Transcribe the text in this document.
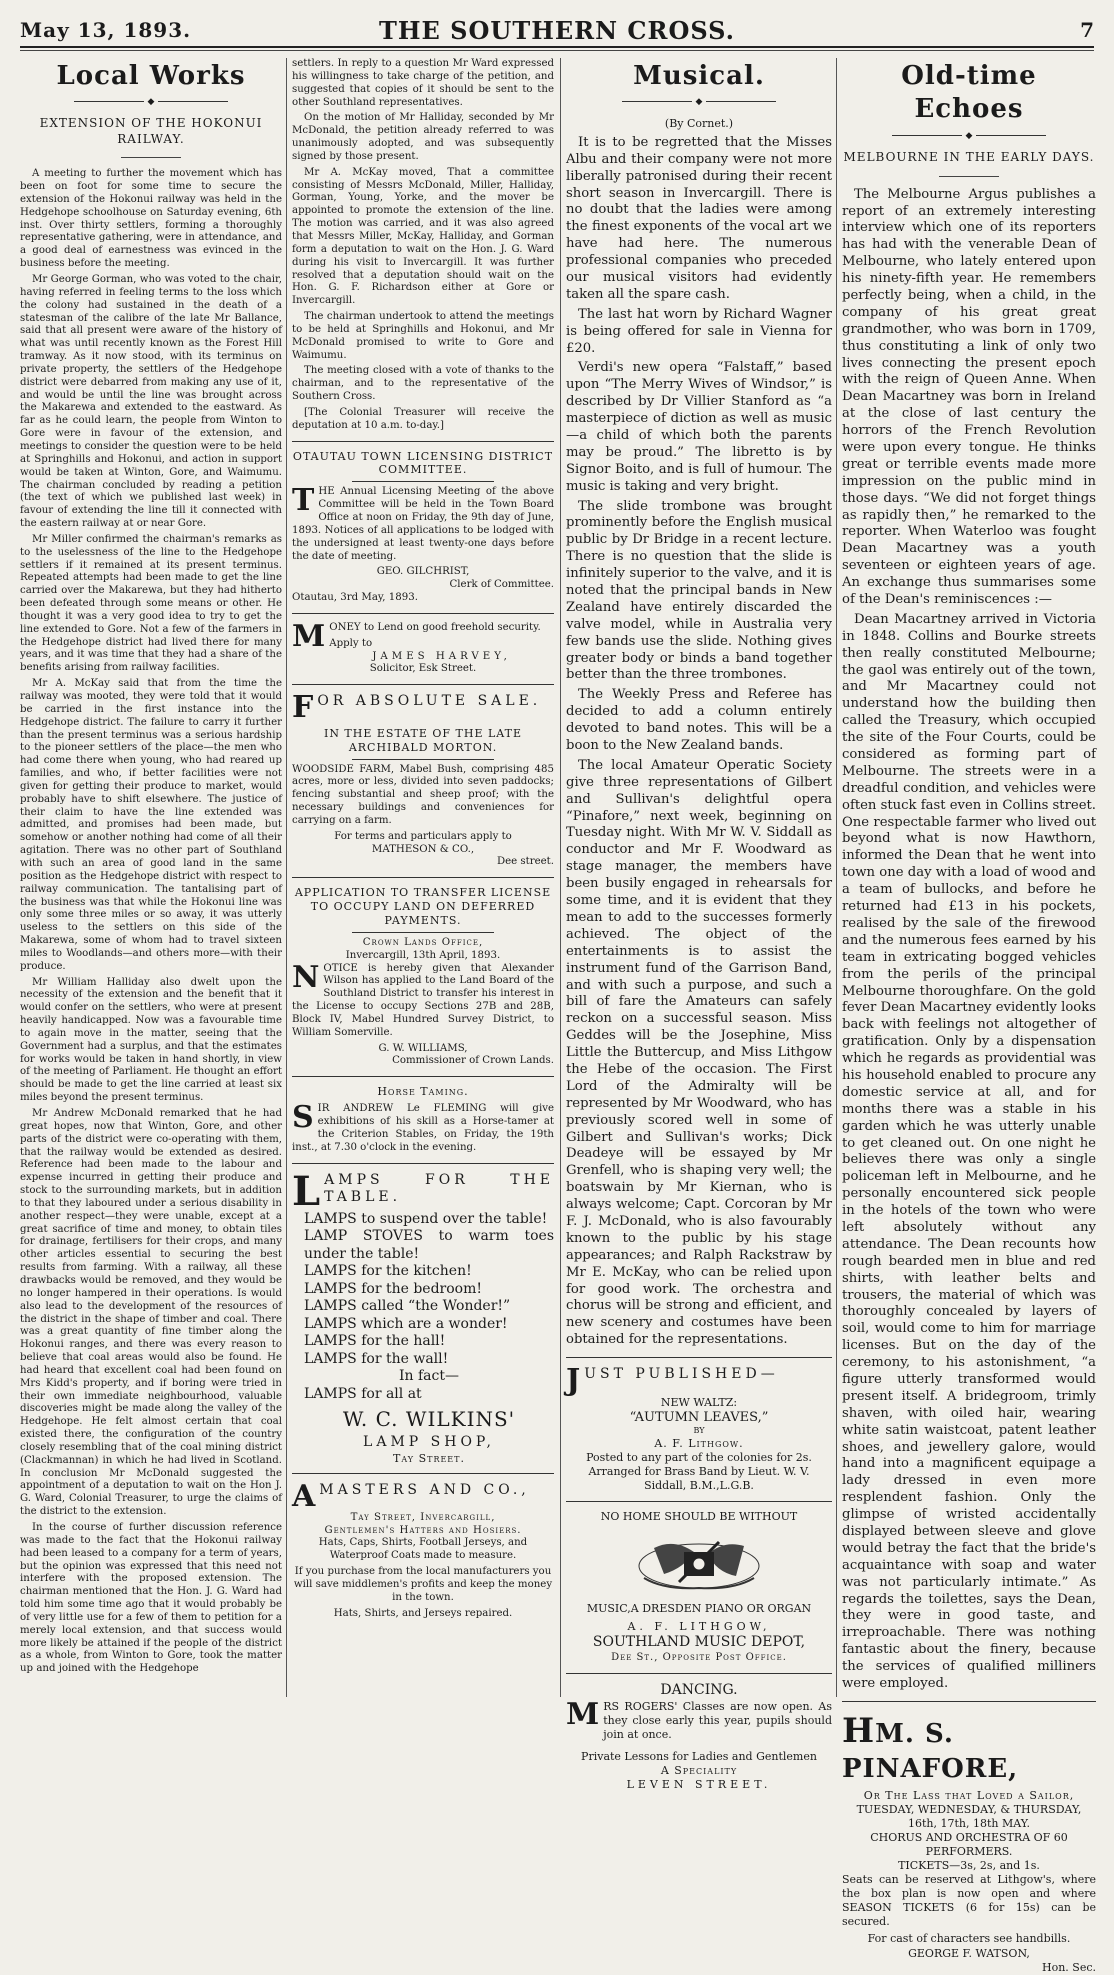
May 13, 1893.	THE SOUTHERN CROSS.	7
Local Works
◆
EXTENSION OF THE HOKONUI RAILWAY.

A meeting to further the movement which has been on foot for some time to secure the extension of the Hokonui railway was held in the Hedgehope schoolhouse on Saturday evening, 6th inst. Over thirty settlers, forming a thoroughly representative gathering, were in attendance, and a good deal of earnestness was evinced in the business before the meeting.

Mr George Gorman, who was voted to the chair, having referred in feeling terms to the loss which the colony had sustained in the death of a statesman of the calibre of the late Mr Ballance, said that all present were aware of the history of what was until recently known as the Forest Hill tramway. As it now stood, with its terminus on private property, the settlers of the Hedgehope district were debarred from making any use of it, and would be until the line was brought across the Makarewa and extended to the eastward. As far as he could learn, the people from Winton to Gore were in favour of the extension, and meetings to consider the question were to be held at Springhills and Hokonui, and action in support would be taken at Winton, Gore, and Waimumu. The chairman concluded by reading a petition (the text of which we published last week) in favour of extending the line till it connected with the eastern railway at or near Gore.

Mr Miller confirmed the chairman's remarks as to the uselessness of the line to the Hedgehope settlers if it remained at its present terminus. Repeated attempts had been made to get the line carried over the Makarewa, but they had hitherto been defeated through some means or other. He thought it was a very good idea to try to get the line extended to Gore. Not a few of the farmers in the Hedgehope district had lived there for many years, and it was time that they had a share of the benefits arising from railway facilities.

Mr A. McKay said that from the time the railway was mooted, they were told that it would be carried in the first instance into the Hedgehope district. The failure to carry it further than the present terminus was a serious hardship to the pioneer settlers of the place—the men who had come there when young, who had reared up families, and who, if better facilities were not given for getting their produce to market, would probably have to shift elsewhere. The justice of their claim to have the line extended was admitted, and promises had been made, but somehow or another nothing had come of all their agitation. There was no other part of Southland with such an area of good land in the same position as the Hedgehope district with respect to railway communication. The tantalising part of the business was that while the Hokonui line was only some three miles or so away, it was utterly useless to the settlers on this side of the Makarewa, some of whom had to travel sixteen miles to Woodlands—and others more—with their produce.

Mr William Halliday also dwelt upon the necessity of the extension and the benefit that it would confer on the settlers, who were at present heavily handicapped. Now was a favourable time to again move in the matter, seeing that the Government had a surplus, and that the estimates for works would be taken in hand shortly, in view of the meeting of Parliament. He thought an effort should be made to get the line carried at least six miles beyond the present terminus.

Mr Andrew McDonald remarked that he had great hopes, now that Winton, Gore, and other parts of the district were co-operating with them, that the railway would be extended as desired. Reference had been made to the labour and expense incurred in getting their produce and stock to the surrounding markets, but in addition to that they laboured under a serious disability in another respect—they were unable, except at a great sacrifice of time and money, to obtain tiles for drainage, fertilisers for their crops, and many other articles essential to securing the best results from farming. With a railway, all these drawbacks would be removed, and they would be no longer hampered in their operations. Is would also lead to the development of the resources of the district in the shape of timber and coal. There was a great quantity of fine timber along the Hokonui ranges, and there was every reason to believe that coal areas would also be found. He had heard that excellent coal had been found on Mrs Kidd's property, and if boring were tried in their own immediate neighbourhood, valuable discoveries might be made along the valley of the Hedgehope. He felt almost certain that coal existed there, the configuration of the country closely resembling that of the coal mining district (Clackmannan) in which he had lived in Scotland. In conclusion Mr McDonald suggested the appointment of a deputation to wait on the Hon J. G. Ward, Colonial Treasurer, to urge the claims of the district to the extension.

In the course of further discussion reference was made to the fact that the Hokonui railway had been leased to a company for a term of years, but the opinion was expressed that this need not interfere with the proposed extension. The chairman mentioned that the Hon. J. G. Ward had told him some time ago that it would probably be of very little use for a few of them to petition for a merely local extension, and that success would more likely be attained if the people of the district as a whole, from Winton to Gore, took the matter up and joined with the Hedgehope

settlers. In reply to a question Mr Ward expressed his willingness to take charge of the petition, and suggested that copies of it should be sent to the other Southland representatives.

On the motion of Mr Halliday, seconded by Mr McDonald, the petition already referred to was unanimously adopted, and was subsequently signed by those present.

Mr A. McKay moved, That a committee consisting of Messrs McDonald, Miller, Halliday, Gorman, Young, Yorke, and the mover be appointed to promote the extension of the line. The motion was carried, and it was also agreed that Messrs Miller, McKay, Halliday, and Gorman form a deputation to wait on the Hon. J. G. Ward during his visit to Invercargill. It was further resolved that a deputation should wait on the Hon. G. F. Richardson either at Gore or Invercargill.

The chairman undertook to attend the meetings to be held at Springhills and Hokonui, and Mr McDonald promised to write to Gore and Waimumu.

The meeting closed with a vote of thanks to the chairman, and to the representative of the Southern Cross.

[The Colonial Treasurer will receive the deputation at 10 a.m. to-day.]

OTAUTAU TOWN LICENSING DISTRICT COMMITTEE.

THE Annual Licensing Meeting of the above Committee will be held in the Town Board Office at noon on Friday, the 9th day of June, 1893. Notices of all applications to be lodged with the undersigned at least twenty-one days before the date of meeting.

GEO. GILCHRIST,
Clerk of Committee.
Otautau, 3rd May, 1893.

MONEY to Lend on good freehold security.

Apply to
JAMES HARVEY,
Solicitor, Esk Street.

FOR ABSOLUTE SALE.

IN THE ESTATE OF THE LATE ARCHIBALD MORTON.

WOODSIDE FARM, Mabel Bush, comprising 485 acres, more or less, divided into seven paddocks; fencing substantial and sheep proof; with the necessary buildings and conveniences for carrying on a farm.

For terms and particulars apply to
MATHESON & CO.,
Dee street.
APPLICATION TO TRANSFER LICENSE TO OCCUPY LAND ON DEFERRED PAYMENTS.
Crown Lands Office,
Invercargill, 13th April, 1893.

NOTICE is hereby given that Alexander Wilson has applied to the Land Board of the Southland District to transfer his interest in the License to occupy Sections 27B and 28B, Block IV, Mabel Hundred Survey District, to William Somerville.

G. W. WILLIAMS,
Commissioner of Crown Lands.
Horse Taming.

SIR ANDREW Le FLEMING will give exhibitions of his skill as a Horse-tamer at the Criterion Stables, on Friday, the 19th inst., at 7.30 o'clock in the evening.

LAMPS FOR THE TABLE.

LAMPS to suspend over the table!
LAMP STOVES to warm toes under the table!
LAMPS for the kitchen!
LAMPS for the bedroom!
LAMPS called “the Wonder!”
LAMPS which are a wonder!
LAMPS for the hall!
LAMPS for the wall!
In fact—
LAMPS for all at
W. C. WILKINS'
LAMP SHOP,
Tay Street.

AMASTERS AND CO.,

Tay Street, Invercargill,
Gentlemen's Hatters and Hosiers.

Hats, Caps, Shirts, Football Jerseys, and Waterproof Coats made to measure.

If you purchase from the local manufacturers you will save middlemen's profits and keep the money in the town.

Hats, Shirts, and Jerseys repaired.

Musical.
◆
(By Cornet.)

It is to be regretted that the Misses Albu and their company were not more liberally patronised during their recent short season in Invercargill. There is no doubt that the ladies were among the finest exponents of the vocal art we have had here. The numerous professional companies who preceded our musical visitors had evidently taken all the spare cash.

The last hat worn by Richard Wagner is being offered for sale in Vienna for £20.

Verdi's new opera “Falstaff,” based upon “The Merry Wives of Windsor,” is described by Dr Villier Stanford as “a masterpiece of diction as well as music—a child of which both the parents may be proud.” The libretto is by Signor Boito, and is full of humour. The music is taking and very bright.

The slide trombone was brought prominently before the English musical public by Dr Bridge in a recent lecture. There is no question that the slide is infinitely superior to the valve, and it is noted that the principal bands in New Zealand have entirely discarded the valve model, while in Australia very few bands use the slide. Nothing gives greater body or binds a band together better than the three trombones.

The Weekly Press and Referee has decided to add a column entirely devoted to band notes. This will be a boon to the New Zealand bands.

The local Amateur Operatic Society give three representations of Gilbert and Sullivan's delightful opera “Pinafore,” next week, beginning on Tuesday night. With Mr W. V. Siddall as conductor and Mr F. Woodward as stage manager, the members have been busily engaged in rehearsals for some time, and it is evident that they mean to add to the successes formerly achieved. The object of the entertainments is to assist the instrument fund of the Garrison Band, and with such a purpose, and such a bill of fare the Amateurs can safely reckon on a successful season. Miss Geddes will be the Josephine, Miss Little the Buttercup, and Miss Lithgow the Hebe of the occasion. The First Lord of the Admiralty will be represented by Mr Woodward, who has previously scored well in some of Gilbert and Sullivan's works; Dick Deadeye will be essayed by Mr Grenfell, who is shaping very well; the boatswain by Mr Kiernan, who is always welcome; Capt. Corcoran by Mr F. J. McDonald, who is also favourably known to the public by his stage appearances; and Ralph Rackstraw by Mr E. McKay, who can be relied upon for good work. The orchestra and chorus will be strong and efficient, and new scenery and costumes have been obtained for the representations.

JUST PUBLISHED—

NEW WALTZ:
“AUTUMN LEAVES,”
BY
A. F. Lithgow.
Posted to any part of the colonies for 2s.
Arranged for Brass Band by Lieut. W. V. Siddall, B.M.,L.G.B.
NO HOME SHOULD BE WITHOUT
MUSIC,A DRESDEN PIANO OR ORGAN
A. F. LITHGOW,
SOUTHLAND MUSIC DEPOT,
Dee St., Opposite Post Office.
DANCING.

MRS ROGERS' Classes are now open. As they close early this year, pupils should join at once.

Private Lessons for Ladies and Gentlemen
A Speciality
LEVEN STREET.
Old-time Echoes
◆
MELBOURNE IN THE EARLY DAYS.

The Melbourne Argus publishes a report of an extremely interesting interview which one of its reporters has had with the venerable Dean of Melbourne, who lately entered upon his ninety-fifth year. He remembers perfectly being, when a child, in the company of his great great grandmother, who was born in 1709, thus constituting a link of only two lives connecting the present epoch with the reign of Queen Anne. When Dean Macartney was born in Ireland at the close of last century the horrors of the French Revolution were upon every tongue. He thinks great or terrible events made more impression on the public mind in those days. “We did not forget things as rapidly then,” he remarked to the reporter. When Waterloo was fought Dean Macartney was a youth seventeen or eighteen years of age. An exchange thus summarises some of the Dean's reminiscences :—

Dean Macartney arrived in Victoria in 1848. Collins and Bourke streets then really constituted Melbourne; the gaol was entirely out of the town, and Mr Macartney could not understand how the building then called the Treasury, which occupied the site of the Four Courts, could be considered as forming part of Melbourne. The streets were in a dreadful condition, and vehicles were often stuck fast even in Collins street. One respectable farmer who lived out beyond what is now Hawthorn, informed the Dean that he went into town one day with a load of wood and a team of bullocks, and before he returned had £13 in his pockets, realised by the sale of the firewood and the numerous fees earned by his team in extricating bogged vehicles from the perils of the principal Melbourne thoroughfare. On the gold fever Dean Macartney evidently looks back with feelings not altogether of gratification. Only by a dispensation which he regards as providential was his household enabled to procure any domestic service at all, and for months there was a stable in his garden which he was utterly unable to get cleaned out. On one night he believes there was only a single policeman left in Melbourne, and he personally encountered sick people in the hotels of the town who were left absolutely without any attendance. The Dean recounts how rough bearded men in blue and red shirts, with leather belts and trousers, the material of which was thoroughly concealed by layers of soil, would come to him for marriage licenses. But on the day of the ceremony, to his astonishment, “a figure utterly transformed would present itself. A bridegroom, trimly shaven, with oiled hair, wearing white satin waistcoat, patent leather shoes, and jewellery galore, would hand into a magnificent equipage a lady dressed in even more resplendent fashion. Only the glimpse of wristed accidentally displayed between sleeve and glove would betray the fact that the bride's acquaintance with soap and water was not particularly intimate.” As regards the toilettes, says the Dean, they were in good taste, and irreproachable. There was nothing fantastic about the finery, because the services of qualified milliners were employed.

HM. S. PINAFORE,
Or The Lass that Loved a Sailor,
TUESDAY, WEDNESDAY, & THURSDAY,
16th, 17th, 18th MAY.
CHORUS AND ORCHESTRA OF 60 PERFORMERS.
TICKETS—3s, 2s, and 1s.

Seats can be reserved at Lithgow's, where the box plan is now open and where SEASON TICKETS (6 for 15s) can be secured.

For cast of characters see handbills.
GEORGE F. WATSON,
Hon. Sec.
